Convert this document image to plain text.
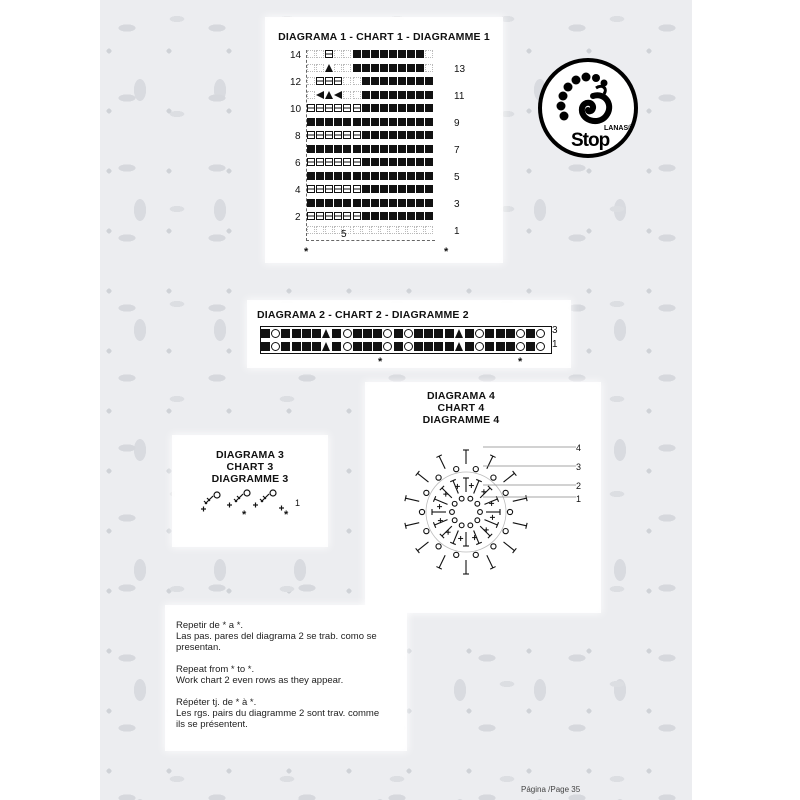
LANAS®
Stop
DIAGRAMA 1 - CHART 1 - DIAGRAMME 1
14
12
10
8
6
4
2
13
11
9
7
5
3
1
5
*	*
DIAGRAMA 2 - CHART 2 - DIAGRAMME 2
3
1
*	*
DIAGRAMA 3
CHART 3
DIAGRAMME 3
1
*	*
DIAGRAMA 4
CHART 4
DIAGRAMME 4
4
3
2
1
Repetir de * a *.
Las pas. pares del diagrama 2 se trab. como se
presentan.
Repeat from * to *.
Work chart 2 even rows as they appear.
Répéter tj. de * à *.
Les rgs. pairs du diagramme 2 sont trav. comme
ils se présentent.
Página /Page 35
